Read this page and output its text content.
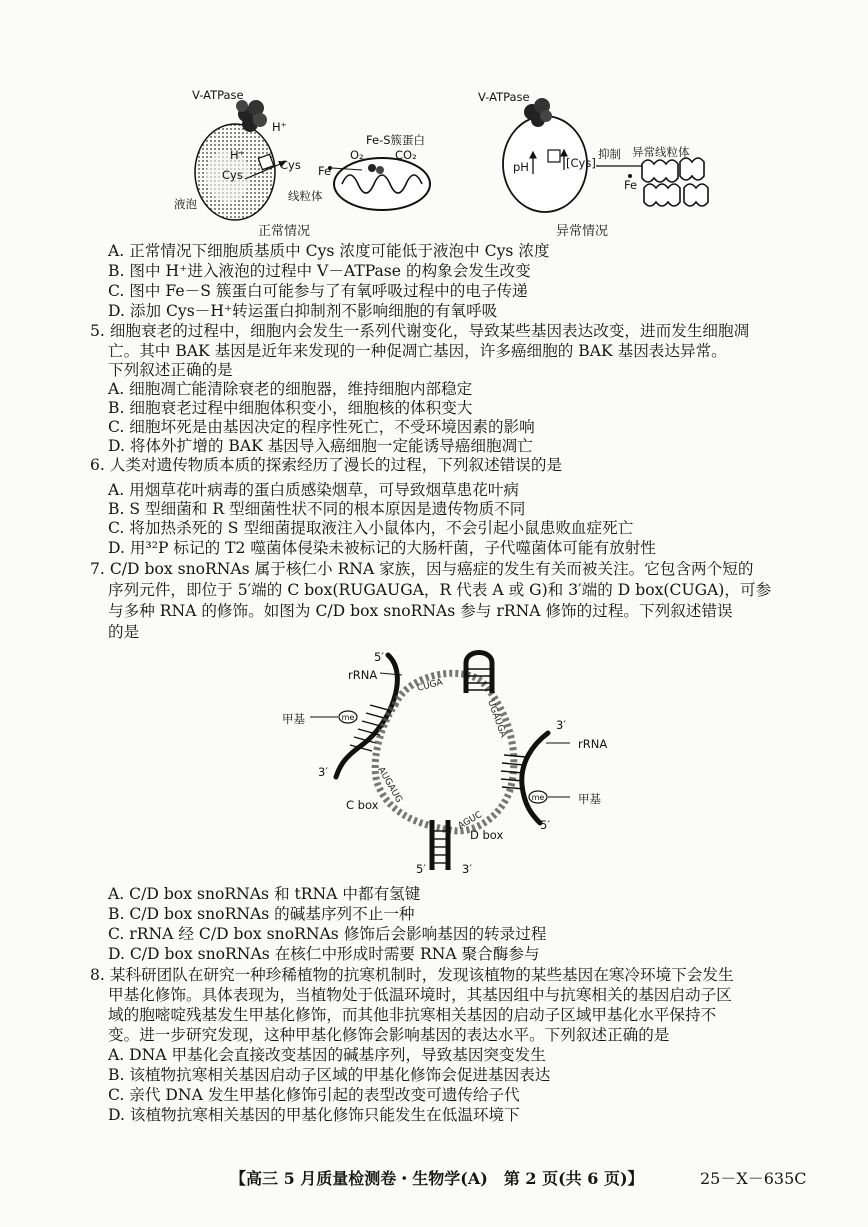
V-ATPase
H⁺
H⁺
Cys
Cys
液泡
Fe
Fe-S簇蛋白
O₂	CO₂
线粒体
正常情况
V-ATPase
pH	[Cys]
抑制 异常线粒体
Fe
异常情况
A. 正常情况下细胞质基质中 Cys 浓度可能低于液泡中 Cys 浓度
B. 图中 H⁺进入液泡的过程中 V－ATPase 的构象会发生改变
C. 图中 Fe－S 簇蛋白可能参与了有氧呼吸过程中的电子传递
D. 添加 Cys－H⁺转运蛋白抑制剂不影响细胞的有氧呼吸
5. 细胞衰老的过程中，细胞内会发生一系列代谢变化，导致某些基因表达改变，进而发生细胞凋
亡。其中 BAK 基因是近年来发现的一种促凋亡基因，许多癌细胞的 BAK 基因表达异常。
下列叙述正确的是
A. 细胞凋亡能清除衰老的细胞器，维持细胞内部稳定
B. 细胞衰老过程中细胞体积变小，细胞核的体积变大
C. 细胞坏死是由基因决定的程序性死亡，不受环境因素的影响
D. 将体外扩增的 BAK 基因导入癌细胞一定能诱导癌细胞凋亡
6. 人类对遗传物质本质的探索经历了漫长的过程，下列叙述错误的是
A. 用烟草花叶病毒的蛋白质感染烟草，可导致烟草患花叶病
B. S 型细菌和 R 型细菌性状不同的根本原因是遗传物质不同
C. 将加热杀死的 S 型细菌提取液注入小鼠体内，不会引起小鼠患败血症死亡
D. 用³²P 标记的 T2 噬菌体侵染未被标记的大肠杆菌，子代噬菌体可能有放射性
7. C/D box snoRNAs 属于核仁小 RNA 家族，因与癌症的发生有关而被关注。它包含两个短的
序列元件，即位于 5′端的 C box(RUGAUGA，R 代表 A 或 G)和 3′端的 D box(CUGA)，可参
与多种 RNA 的修饰。如图为 C/D box snoRNAs 参与 rRNA 修饰的过程。下列叙述错误
的是
me
me
CUGA
UGAUGA
AUGAUG
AGUC
5′
rRNA
甲基
3′
3′
rRNA
甲基
5′
C box
D box
5′	3′
A. C/D box snoRNAs 和 tRNA 中都有氢键
B. C/D box snoRNAs 的碱基序列不止一种
C. rRNA 经 C/D box snoRNAs 修饰后会影响基因的转录过程
D. C/D box snoRNAs 在核仁中形成时需要 RNA 聚合酶参与
8. 某科研团队在研究一种珍稀植物的抗寒机制时，发现该植物的某些基因在寒冷环境下会发生
甲基化修饰。具体表现为，当植物处于低温环境时，其基因组中与抗寒相关的基因启动子区
域的胞嘧啶残基发生甲基化修饰，而其他非抗寒相关基因的启动子区域甲基化水平保持不
变。进一步研究发现，这种甲基化修饰会影响基因的表达水平。下列叙述正确的是
A. DNA 甲基化会直接改变基因的碱基序列，导致基因突变发生
B. 该植物抗寒相关基因启动子区域的甲基化修饰会促进基因表达
C. 亲代 DNA 发生甲基化修饰引起的表型改变可遗传给子代
D. 该植物抗寒相关基因的甲基化修饰只能发生在低温环境下
【高三 5 月质量检测卷・生物学(A)　第 2 页(共 6 页)】	25－X－635C
